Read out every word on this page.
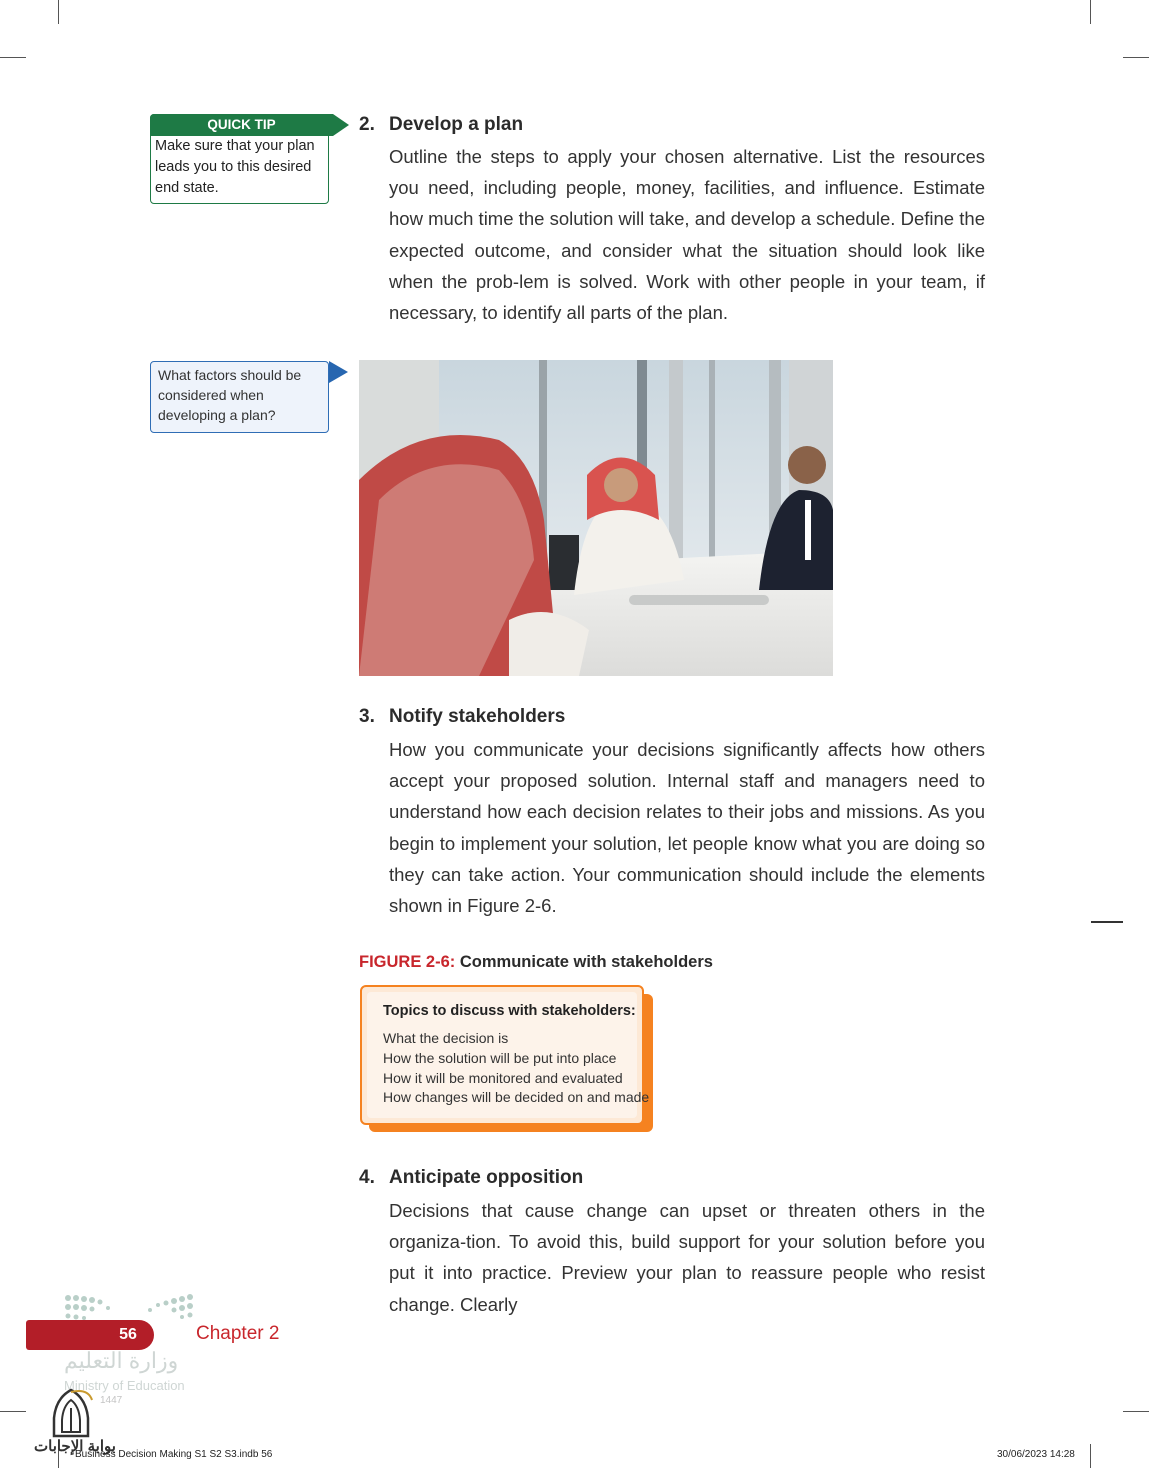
QUICK TIP
Make sure that your plan leads you to this desired end state.
What factors should be considered when developing a plan?
2. Develop a plan
Outline the steps to apply your chosen alternative. List the resources you need, including people, money, facilities, and influence. Estimate how much time the solution will take, and develop a schedule. Define the expected outcome, and consider what the situation should look like when the prob-lem is solved. Work with other people in your team, if necessary, to identify all parts of the plan.
3. Notify stakeholders
How you communicate your decisions significantly affects how others accept your proposed solution. Internal staff and managers need to understand how each decision relates to their jobs and missions. As you begin to implement your solution, let people know what you are doing so they can take action. Your communication should include the elements shown in Figure 2-6.
FIGURE 2-6: Communicate with stakeholders
Topics to discuss with stakeholders:
What the decision is
How the solution will be put into place
How it will be monitored and evaluated
How changes will be decided on and made
4. Anticipate opposition
Decisions that cause change can upset or threaten others in the organiza-tion. To avoid this, build support for your solution before you put it into practice. Preview your plan to reassure people who resist change. Clearly
56	Chapter 2
وزارة التعليم
Ministry of Education
1447
بوابة الإجابات
Business Decision Making S1 S2 S3.indb 56	30/06/2023 14:28
